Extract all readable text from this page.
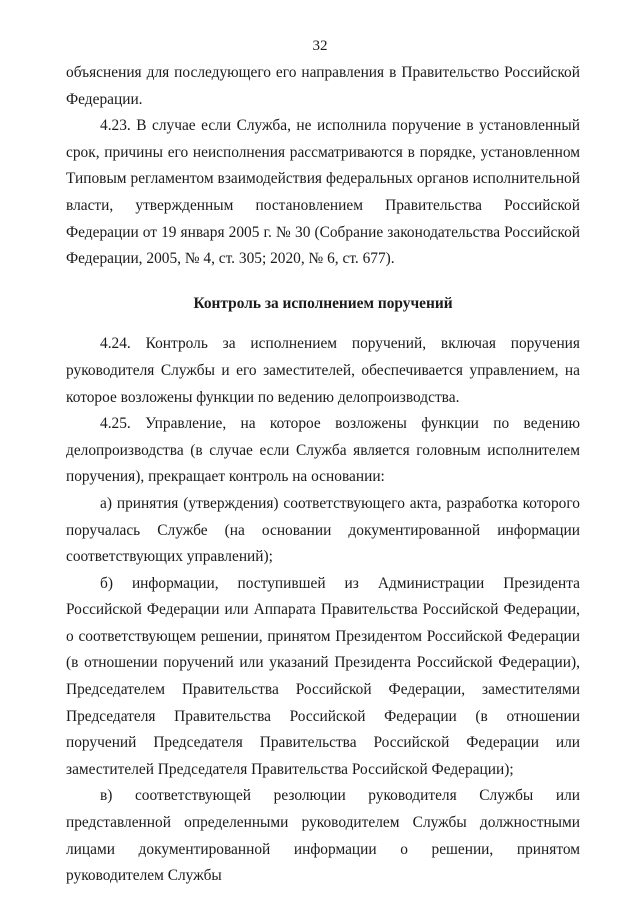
32

объяснения для последующего его направления в Правительство Российской Федерации.

4.23. В случае если Служба, не исполнила поручение в установленный срок, причины его неисполнения рассматриваются в порядке, установленном Типовым регламентом взаимодействия федеральных органов исполнительной власти, утвержденным постановлением Правительства Российской Федерации от 19 января 2005 г. № 30 (Собрание законодательства Российской Федерации, 2005, № 4, ст. 305; 2020, № 6, ст. 677).

Контроль за исполнением поручений

4.24. Контроль за исполнением поручений, включая поручения руководителя Службы и его заместителей, обеспечивается управлением, на которое возложены функции по ведению делопроизводства.

4.25. Управление, на которое возложены функции по ведению делопроизводства (в случае если Служба является головным исполнителем поручения), прекращает контроль на основании:

а) принятия (утверждения) соответствующего акта, разработка которого поручалась Службе (на основании документированной информации соответствующих управлений);

б) информации, поступившей из Администрации Президента Российской Федерации или Аппарата Правительства Российской Федерации, о соответствующем решении, принятом Президентом Российской Федерации (в отношении поручений или указаний Президента Российской Федерации), Председателем Правительства Российской Федерации, заместителями Председателя Правительства Российской Федерации (в отношении поручений Председателя Правительства Российской Федерации или заместителей Председателя Правительства Российской Федерации);

в) соответствующей резолюции руководителя Службы или представленной определенными руководителем Службы должностными лицами документированной информации о решении, принятом руководителем Службы
